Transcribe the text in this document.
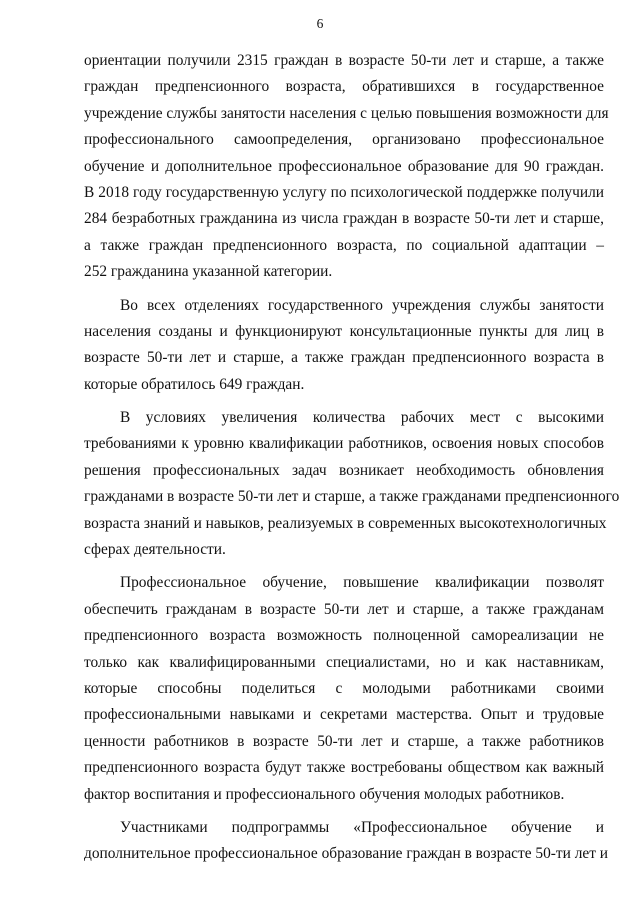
6
ориентации получили 2315 граждан в возрасте 50-ти лет и старше, а также
граждан предпенсионного возраста, обратившихся в государственное
учреждение службы занятости населения с целью повышения возможности для
профессионального самоопределения, организовано профессиональное
обучение и дополнительное профессиональное образование для 90 граждан.
В 2018 году государственную услугу по психологической поддержке получили
284 безработных гражданина из числа граждан в возрасте 50-ти лет и старше,
а также граждан предпенсионного возраста, по социальной адаптации –
252 гражданина указанной категории.
Во всех отделениях государственного учреждения службы занятости
населения созданы и функционируют консультационные пункты для лиц в
возрасте 50-ти лет и старше, а также граждан предпенсионного возраста в
которые обратилось 649 граждан.
В условиях увеличения количества рабочих мест с высокими
требованиями к уровню квалификации работников, освоения новых способов
решения профессиональных задач возникает необходимость обновления
гражданами в возрасте 50-ти лет и старше, а также гражданами предпенсионного
возраста знаний и навыков, реализуемых в современных высокотехнологичных
сферах деятельности.
Профессиональное обучение, повышение квалификации позволят
обеспечить гражданам в возрасте 50-ти лет и старше, а также гражданам
предпенсионного возраста возможность полноценной самореализации не
только как квалифицированными специалистами, но и как наставникам,
которые способны поделиться с молодыми работниками своими
профессиональными навыками и секретами мастерства. Опыт и трудовые
ценности работников в возрасте 50-ти лет и старше, а также работников
предпенсионного возраста будут также востребованы обществом как важный
фактор воспитания и профессионального обучения молодых работников.
Участниками подпрограммы «Профессиональное обучение и
дополнительное профессиональное образование граждан в возрасте 50-ти лет и
